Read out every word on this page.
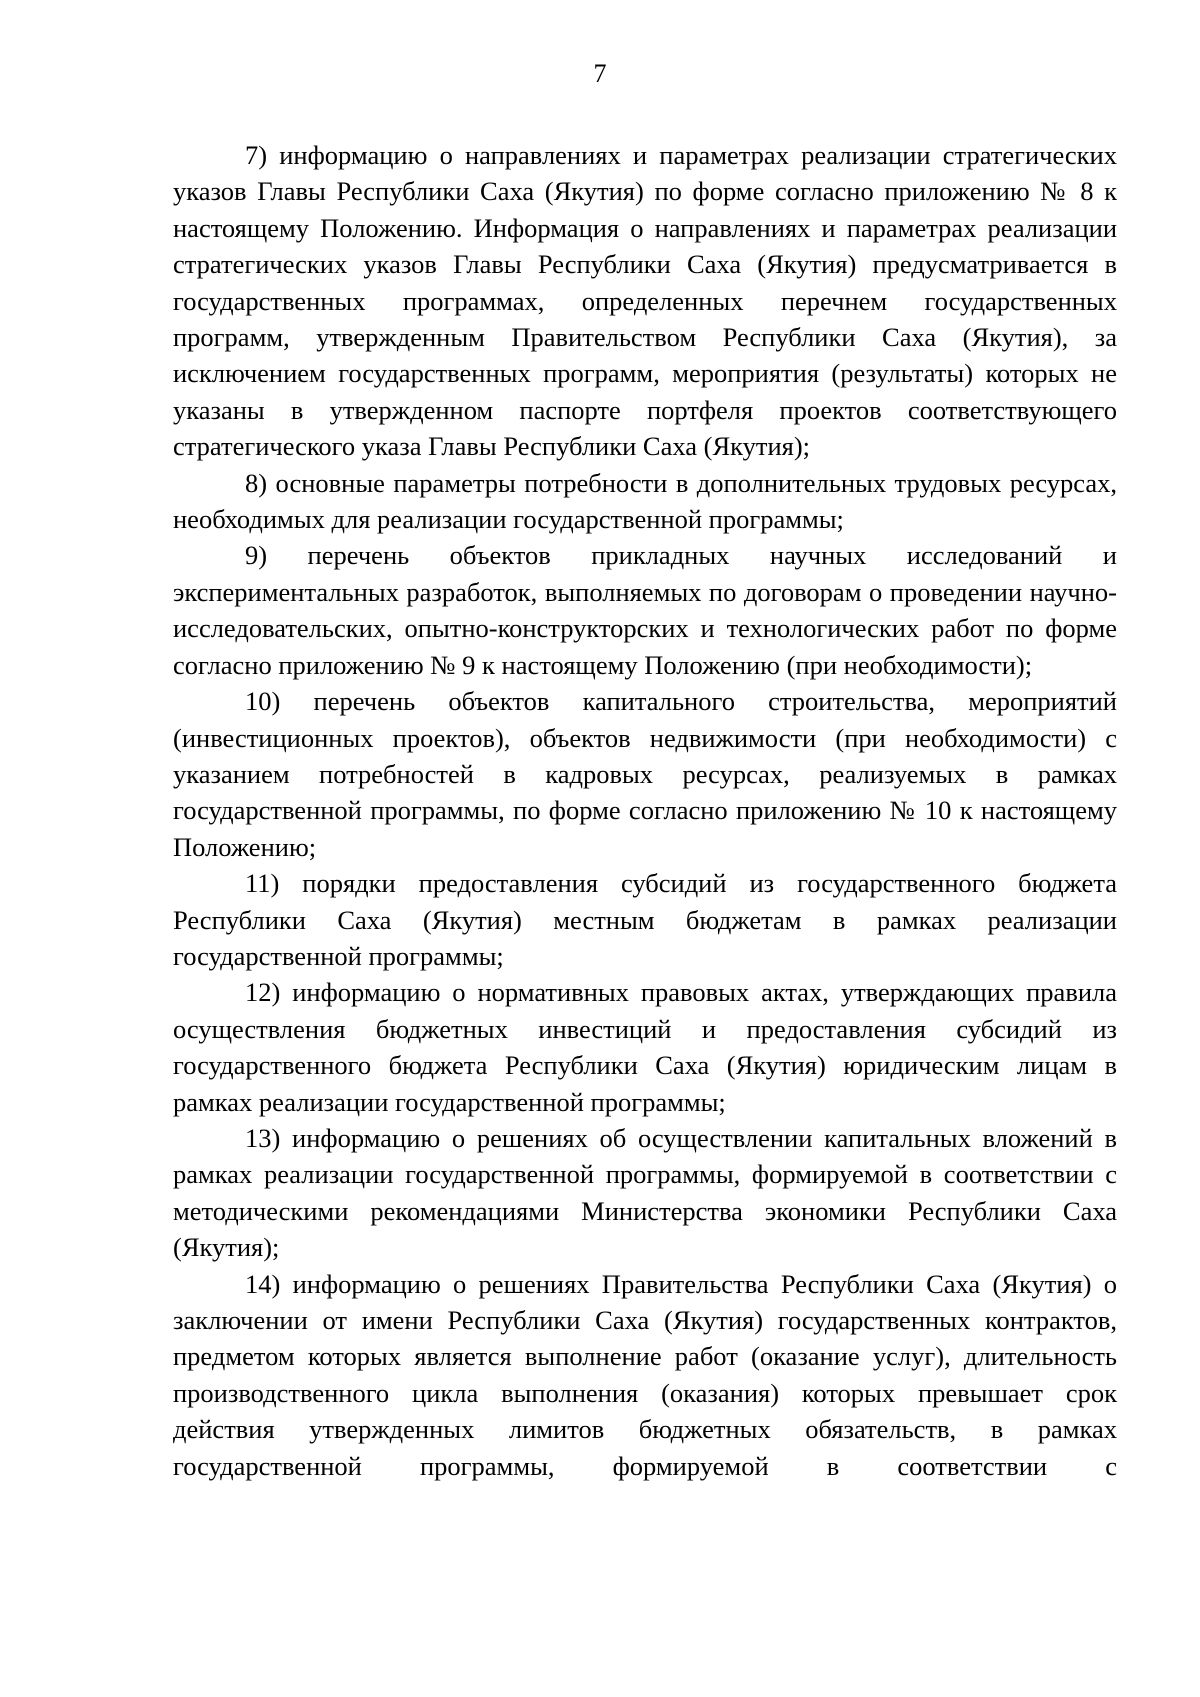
7

7) информацию о направлениях и параметрах реализации стратегических указов Главы Республики Саха (Якутия) по форме согласно приложению № 8 к настоящему Положению. Информация о направлениях и параметрах реализации стратегических указов Главы Республики Саха (Якутия) предусматривается в государственных программах, определенных перечнем государственных программ, утвержденным Правительством Республики Саха (Якутия), за исключением государственных программ, мероприятия (результаты) которых не указаны в утвержденном паспорте портфеля проектов соответствующего стратегического указа Главы Республики Саха (Якутия);

8) основные параметры потребности в дополнительных трудовых ресурсах, необходимых для реализации государственной программы;

9) перечень объектов прикладных научных исследований и экспериментальных разработок, выполняемых по договорам о проведении научно-исследовательских, опытно-конструкторских и технологических работ по форме согласно приложению № 9 к настоящему Положению (при необходимости);

10) перечень объектов капитального строительства, мероприятий (инвестиционных проектов), объектов недвижимости (при необходимости) с указанием потребностей в кадровых ресурсах, реализуемых в рамках государственной программы, по форме согласно приложению № 10 к настоящему Положению;

11) порядки предоставления субсидий из государственного бюджета Республики Саха (Якутия) местным бюджетам в рамках реализации государственной программы;

12) информацию о нормативных правовых актах, утверждающих правила осуществления бюджетных инвестиций и предоставления субсидий из государственного бюджета Республики Саха (Якутия) юридическим лицам в рамках реализации государственной программы;

13) информацию о решениях об осуществлении капитальных вложений в рамках реализации государственной программы, формируемой в соответствии с методическими рекомендациями Министерства экономики Республики Саха (Якутия);

14) информацию о решениях Правительства Республики Саха (Якутия) о заключении от имени Республики Саха (Якутия) государственных контрактов, предметом которых является выполнение работ (оказание услуг), длительность производственного цикла выполнения (оказания) которых превышает срок действия утвержденных лимитов бюджетных обязательств, в рамках государственной программы, формируемой в соответствии с
